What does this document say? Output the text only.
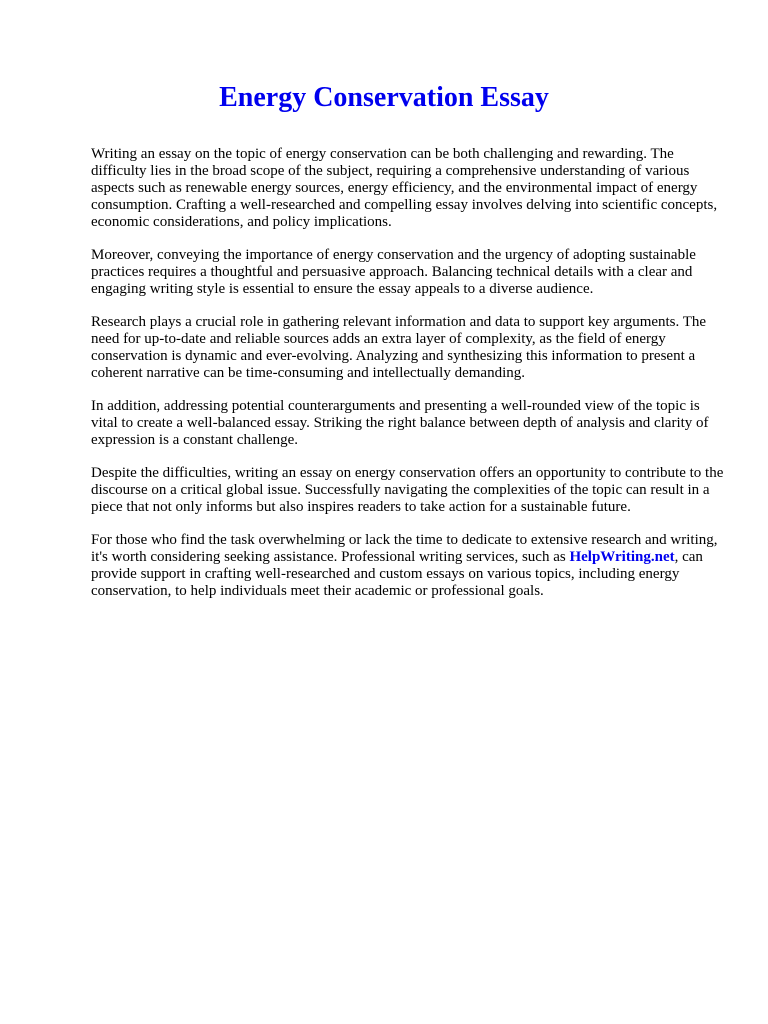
Energy Conservation Essay

Writing an essay on the topic of energy conservation can be both challenging and rewarding. The difficulty lies in the broad scope of the subject, requiring a comprehensive understanding of various aspects such as renewable energy sources, energy efficiency, and the environmental impact of energy consumption. Crafting a well-researched and compelling essay involves delving into scientific concepts, economic considerations, and policy implications.

Moreover, conveying the importance of energy conservation and the urgency of adopting sustainable practices requires a thoughtful and persuasive approach. Balancing technical details with a clear and engaging writing style is essential to ensure the essay appeals to a diverse audience.

Research plays a crucial role in gathering relevant information and data to support key arguments. The need for up-to-date and reliable sources adds an extra layer of complexity, as the field of energy conservation is dynamic and ever-evolving. Analyzing and synthesizing this information to present a coherent narrative can be time-consuming and intellectually demanding.

In addition, addressing potential counterarguments and presenting a well-rounded view of the topic is vital to create a well-balanced essay. Striking the right balance between depth of analysis and clarity of expression is a constant challenge.

Despite the difficulties, writing an essay on energy conservation offers an opportunity to contribute to the discourse on a critical global issue. Successfully navigating the complexities of the topic can result in a piece that not only informs but also inspires readers to take action for a sustainable future.

For those who find the task overwhelming or lack the time to dedicate to extensive research and writing, it's worth considering seeking assistance. Professional writing services, such as HelpWriting.net, can provide support in crafting well-researched and custom essays on various topics, including energy conservation, to help individuals meet their academic or professional goals.
